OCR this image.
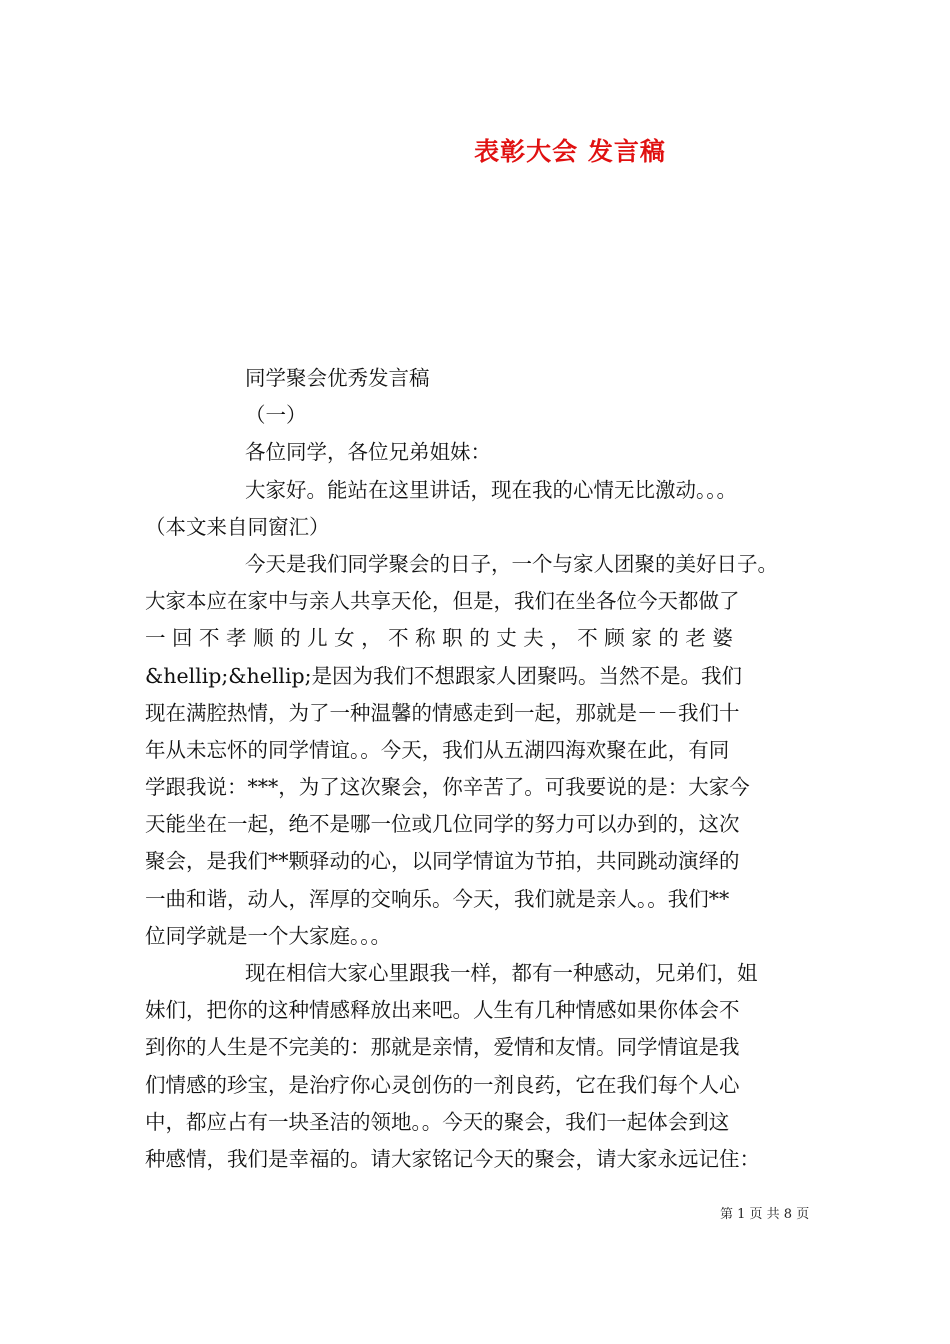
表彰大会 发言稿
同学聚会优秀发言稿
（一）
各位同学，各位兄弟姐妹：
大家好。能站在这里讲话，现在我的心情无比激动。。。
（本文来自同窗汇）
今天是我们同学聚会的日子，一个与家人团聚的美好日子。
大家本应在家中与亲人共享天伦，但是，我们在坐各位今天都做了
一 回 不 孝 顺 的 儿 女 ， 不 称 职 的 丈 夫 ， 不 顾 家 的 老 婆
&hellip;&hellip;是因为我们不想跟家人团聚吗。当然不是。我们
现在满腔热情，为了一种温馨的情感走到一起，那就是－－我们十
年从未忘怀的同学情谊。。今天，我们从五湖四海欢聚在此，有同
学跟我说：***，为了这次聚会，你辛苦了。可我要说的是：大家今
天能坐在一起，绝不是哪一位或几位同学的努力可以办到的，这次
聚会，是我们**颗驿动的心，以同学情谊为节拍，共同跳动演绎的
一曲和谐，动人，浑厚的交响乐。今天，我们就是亲人。。我们**
位同学就是一个大家庭。。。
现在相信大家心里跟我一样，都有一种感动，兄弟们，姐
妹们，把你的这种情感释放出来吧。人生有几种情感如果你体会不
到你的人生是不完美的：那就是亲情，爱情和友情。同学情谊是我
们情感的珍宝，是治疗你心灵创伤的一剂良药，它在我们每个人心
中，都应占有一块圣洁的领地。。今天的聚会，我们一起体会到这
种感情，我们是幸福的。请大家铭记今天的聚会，请大家永远记住：
第 1 页 共 8 页
